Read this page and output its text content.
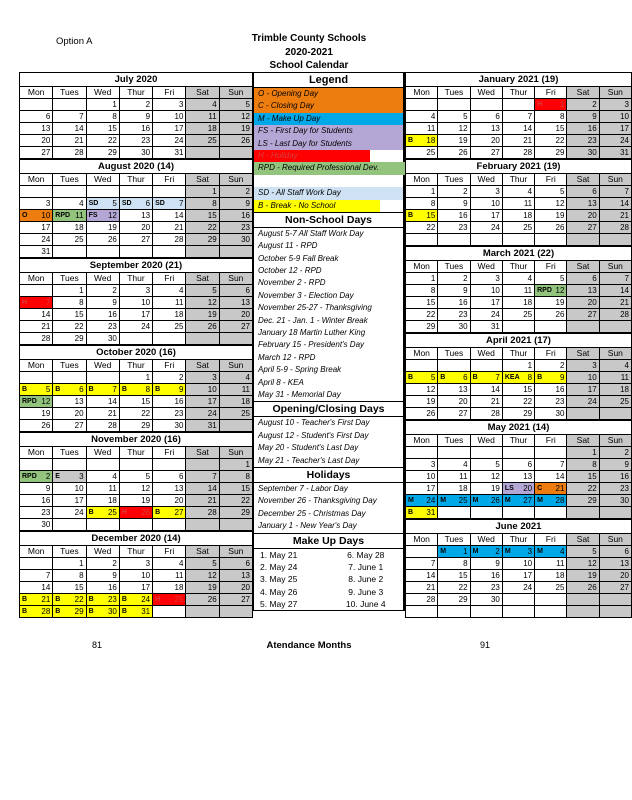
Option A	Trimble County Schools
2020-2021
School Calendar
July 2020
Mon	Tues	Wed	Thur	Fri	Sat	Sun
		1	2	3	4	5
6	7	8	9	10	11	12
13	14	15	16	17	18	19
20	21	22	23	24	25	26
27	28	29	30	31		
August 2020 (14)
Mon	Tues	Wed	Thur	Fri	Sat	Sun
					1	2
3	4	SD 5	SD 6	SD 7	8	9

O 10	RPD 11	FS 12	13	14	15	16
17	18	19	20	21	22	23
24	25	26	27	28	29	30
31						
September 2020 (21)
Mon	Tues	Wed	Thur	Fri	Sat	Sun
	1	2	3	4	5	6

H 7	8	9	10	11	12	13
14	15	16	17	18	19	20
21	22	23	24	25	26	27
28	29	30				
October 2020 (16)
Mon	Tues	Wed	Thur	Fri	Sat	Sun
			1	2	3	4

B 5	B 6	B 7	B 8	B 9	10	11

RPD 12	13	14	15	16	17	18
19	20	21	22	23	24	25
26	27	28	29	30	31	
November 2020 (16)
Mon	Tues	Wed	Thur	Fri	Sat	Sun
						1

RPD 2	E 3	4	5	6	7	8
9	10	11	12	13	14	15
16	17	18	19	20	21	22
23	24	B 25	H 26	B 27	28	29
30						
December 2020 (14)
Mon	Tues	Wed	Thur	Fri	Sat	Sun
	1	2	3	4	5	6
7	8	9	10	11	12	13
14	15	16	17	18	19	20

B 21	B 22	B 23	B 24	H 25	26	27

B 28	B 29	B 30	B 31			
Legend
O - Opening Day
C - Closing Day
M - Make Up Day
FS - First Day for Students
LS - Last Day for Students
H - Holiday
RPD - Required Professional Dev.

SD - All Staff Work Day
B - Break - No School
Non-School Days
August 5-7 All Staff Work Day
August 11 - RPD
October 5-9 Fall Break
October 12 - RPD
November 2 - RPD
November 3 - Election Day
November 25-27 - Thanksgiving
Dec. 21 - Jan. 1 - Winter Break
January 18 Martin Luther King
February 15 - President's Day
March 12 - RPD
April 5-9 - Spring Break
April 8 - KEA
May 31 - Memorial Day
Opening/Closing Days
August 10 - Teacher's First Day
August 12 - Student's First Day
May 20 - Student's Last Day
May 21 - Teacher's Last Day
Holidays
September 7 - Labor Day
November 26 - Thanksgiving Day
December 25 - Christmas Day
January 1 - New Year's Day
Make Up Days
1. May 21
2. May 24
3. May 25
4. May 26
5. May 27
6. May 28
7. June 1
8. June 2
9. June 3
10. June 4
January 2021 (19)
Mon	Tues	Wed	Thur	Fri	Sat	Sun

				H 1	2	3
4	5	6	7	8	9	10
11	12	13	14	15	16	17

B 18	19	20	21	22	23	24
25	26	27	28	29	30	31
February 2021 (19)
Mon	Tues	Wed	Thur	Fri	Sat	Sun
1	2	3	4	5	6	7
8	9	10	11	12	13	14

B 15	16	17	18	19	20	21
22	23	24	25	26	27	28

March 2021 (22)
Mon	Tues	Wed	Thur	Fri	Sat	Sun
1	2	3	4	5	6	7
8	9	10	11	RPD 12	13	14
15	16	17	18	19	20	21
22	23	24	25	26	27	28
29	30	31				
April 2021 (17)
Mon	Tues	Wed	Thur	Fri	Sat	Sun
			1	2	3	4

B 5	B 6	B 7	KEA 8	B 9	10	11
12	13	14	15	16	17	18
19	20	21	22	23	24	25
26	27	28	29	30		
May 2021 (14)
Mon	Tues	Wed	Thur	Fri	Sat	Sun
					1	2
3	4	5	6	7	8	9
10	11	12	13	14	15	16
17	18	19	LS 20	C 21	22	23

M 24	M 25	M 26	M 27	M 28	29	30

B 31						
June 2021
Mon	Tues	Wed	Thur	Fri	Sat	Sun

	M 1	M 2	M 3	M 4	5	6
7	8	9	10	11	12	13
14	15	16	17	18	19	20
21	22	23	24	25	26	27
28	29	30				

81	Atendance Months	91
